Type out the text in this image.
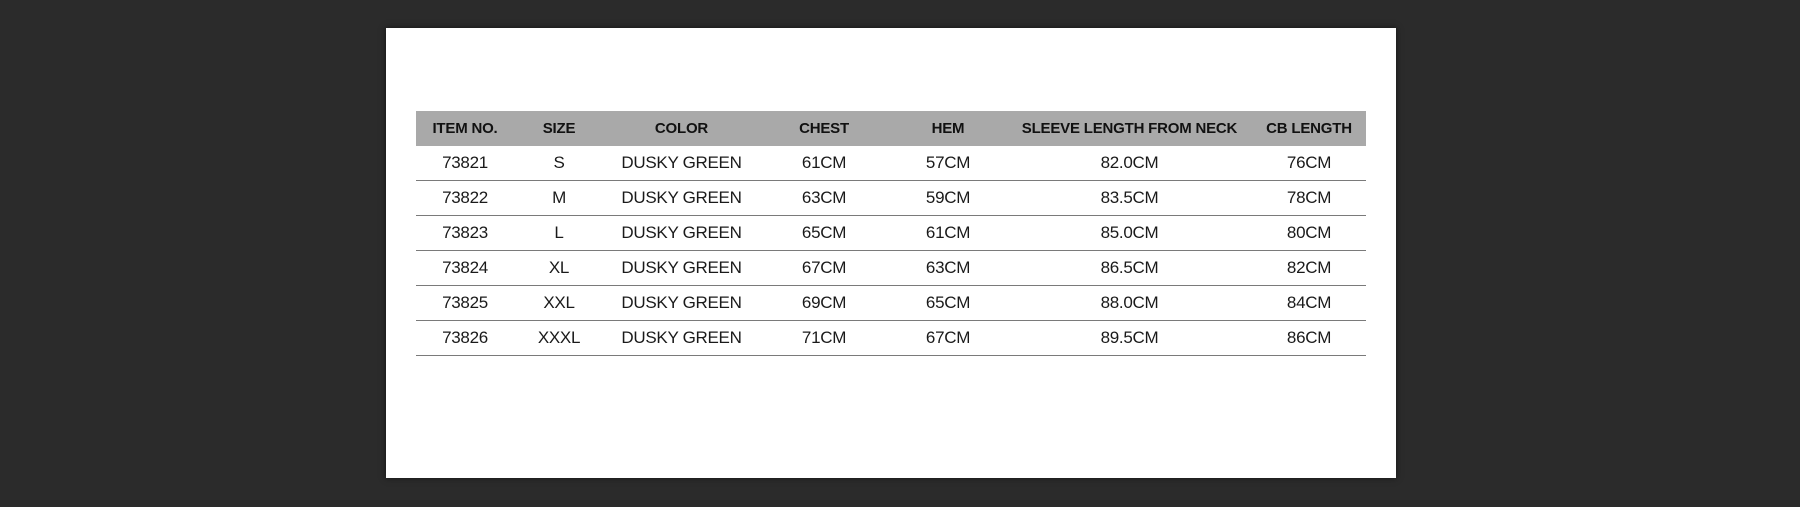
ITEM NO.	SIZE	COLOR	CHEST	HEM	SLEEVE LENGTH FROM NECK	CB LENGTH
73821	S	DUSKY GREEN	61CM	57CM	82.0CM	76CM
73822	M	DUSKY GREEN	63CM	59CM	83.5CM	78CM
73823	L	DUSKY GREEN	65CM	61CM	85.0CM	80CM
73824	XL	DUSKY GREEN	67CM	63CM	86.5CM	82CM
73825	XXL	DUSKY GREEN	69CM	65CM	88.0CM	84CM
73826	XXXL	DUSKY GREEN	71CM	67CM	89.5CM	86CM
